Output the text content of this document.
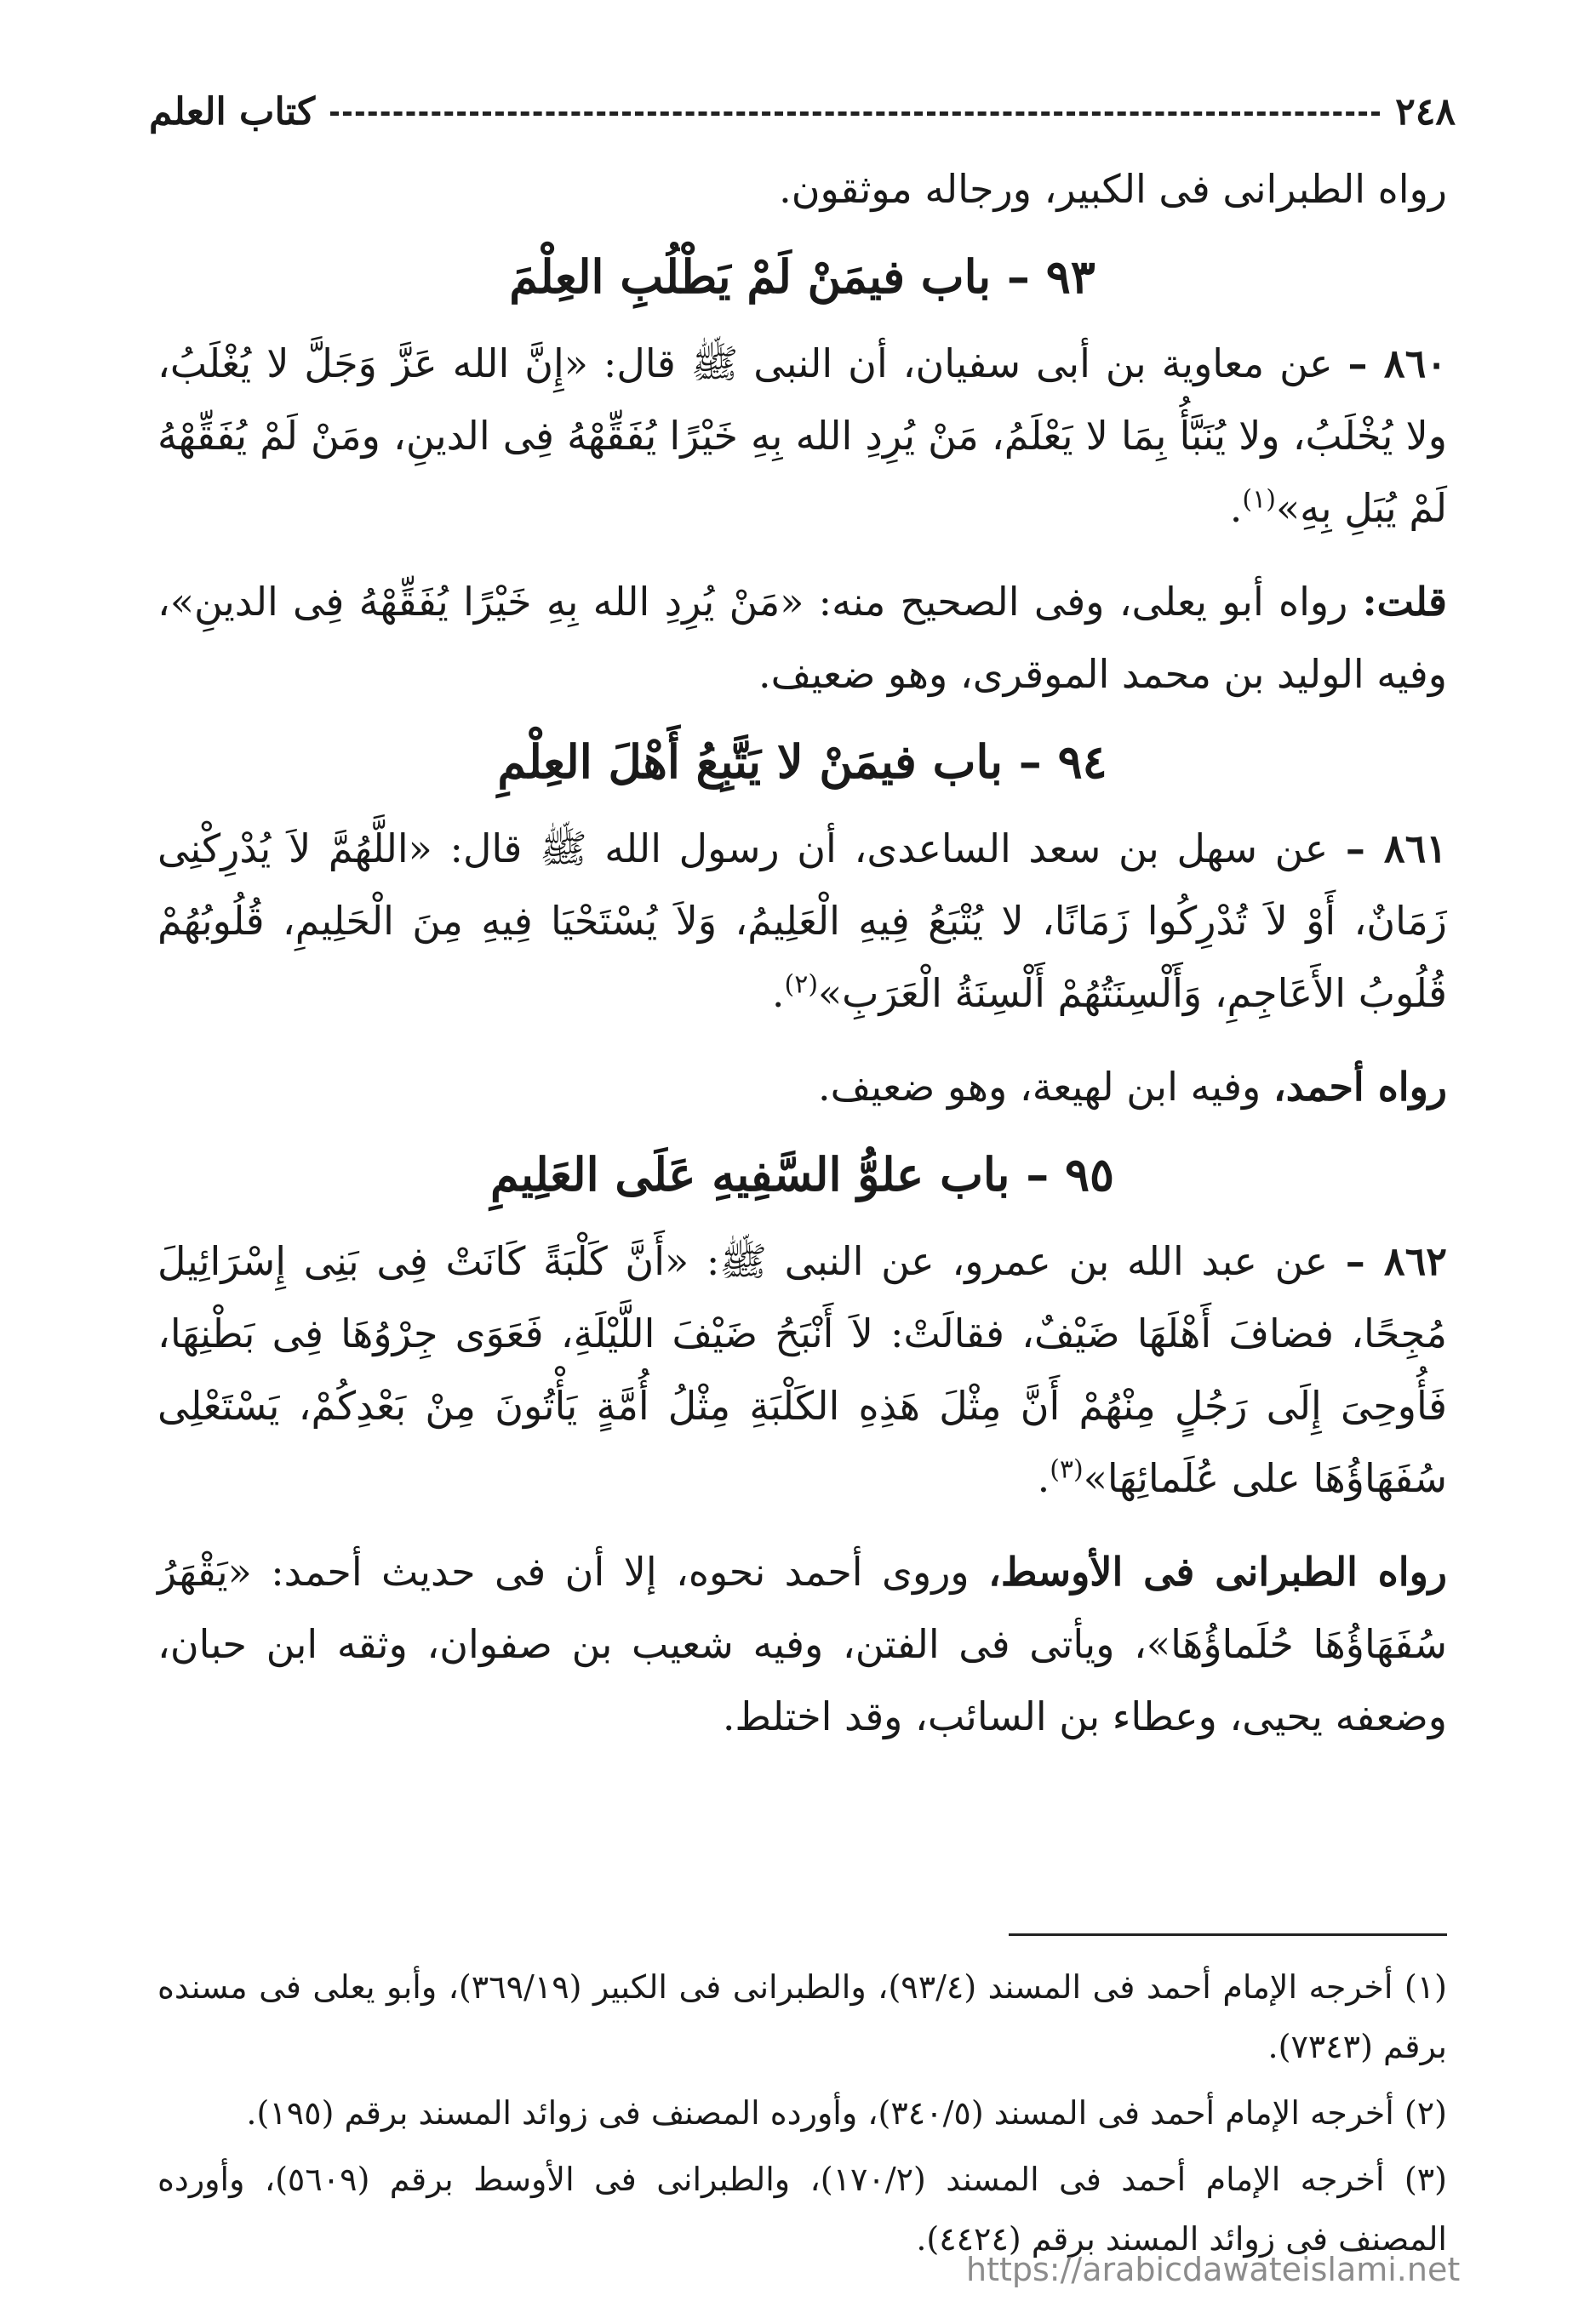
٢٤٨
كتاب العلم

رواه الطبرانى فى الكبير، ورجاله موثقون.

٩٣ – باب فيمَنْ لَمْ يَطْلُبِ العِلْمَ

٨٦٠ – عن معاوية بن أبى سفيان، أن النبى ﷺ قال: «إِنَّ الله عَزَّ وَجَلَّ لا يُغْلَبُ، ولا يُخْلَبُ، ولا يُنَبَّأُ بِمَا لا يَعْلَمُ، مَنْ يُرِدِ الله بِهِ خَيْرًا يُفَقِّهْهُ فِى الدينِ، ومَنْ لَمْ يُفَقِّهْهُ لَمْ يُبَلِ بِهِ»$^{(١)}$.

قلت: رواه أبو يعلى، وفى الصحيح منه: «مَنْ يُرِدِ الله بِهِ خَيْرًا يُفَقِّهْهُ فِى الدينِ»، وفيه الوليد بن محمد الموقرى، وهو ضعيف.

٩٤ – باب فيمَنْ لا يَتَّبِعُ أَهْلَ العِلْمِ

٨٦١ – عن سهل بن سعد الساعدى، أن رسول الله ﷺ قال: «اللَّهُمَّ لاَ يُدْرِكْنِى زَمَانٌ، أَوْ لاَ تُدْرِكُوا زَمَانًا، لا يُتْبَعُ فِيهِ الْعَلِيمُ، وَلاَ يُسْتَحْيَا فِيهِ مِنَ الْحَلِيمِ، قُلُوبُهُمْ قُلُوبُ الأَعَاجِمِ، وَأَلْسِنَتُهُمْ أَلْسِنَةُ الْعَرَبِ»$^{(٢)}$.

رواه أحمد، وفيه ابن لهيعة، وهو ضعيف.

٩٥ – باب علوُّ السَّفِيهِ عَلَى العَلِيمِ

٨٦٢ – عن عبد الله بن عمرو، عن النبى ﷺ: «أَنَّ كَلْبَةً كَانَتْ فِى بَنِى إِسْرَائِيلَ مُجِحًا، فضافَ أَهْلَهَا ضَيْفٌ، فقالَتْ: لاَ أَنْبَحُ ضَيْفَ اللَّيْلَةِ، فَعَوَى جِرْوُهَا فِى بَطْنِهَا، فَأُوحِىَ إِلَى رَجُلٍ مِنْهُمْ أَنَّ مِثْلَ هَذِهِ الكَلْبَةِ مِثْلُ أُمَّةٍ يَأْتُونَ مِنْ بَعْدِكُمْ، يَسْتَعْلِى سُفَهَاؤُهَا على عُلَمائِهَا»$^{(٣)}$.

رواه الطبرانى فى الأوسط، وروى أحمد نحوه، إلا أن فى حديث أحمد: «يَقْهَرُ سُفَهَاؤُهَا حُلَماؤُهَا»، ويأتى فى الفتن، وفيه شعيب بن صفوان، وثقه ابن حبان، وضعفه يحيى، وعطاء بن السائب، وقد اختلط.

(١) أخرجه الإمام أحمد فى المسند (٩٣/٤)، والطبرانى فى الكبير (٣٦٩/١٩)، وأبو يعلى فى مسنده برقم (٧٣٤٣).

(٢) أخرجه الإمام أحمد فى المسند (٣٤٠/٥)، وأورده المصنف فى زوائد المسند برقم (١٩٥).

(٣) أخرجه الإمام أحمد فى المسند (١٧٠/٢)، والطبرانى فى الأوسط برقم (٥٦٠٩)، وأورده المصنف فى زوائد المسند برقم (٤٤٢٤).

https://arabicdawateislami.net
